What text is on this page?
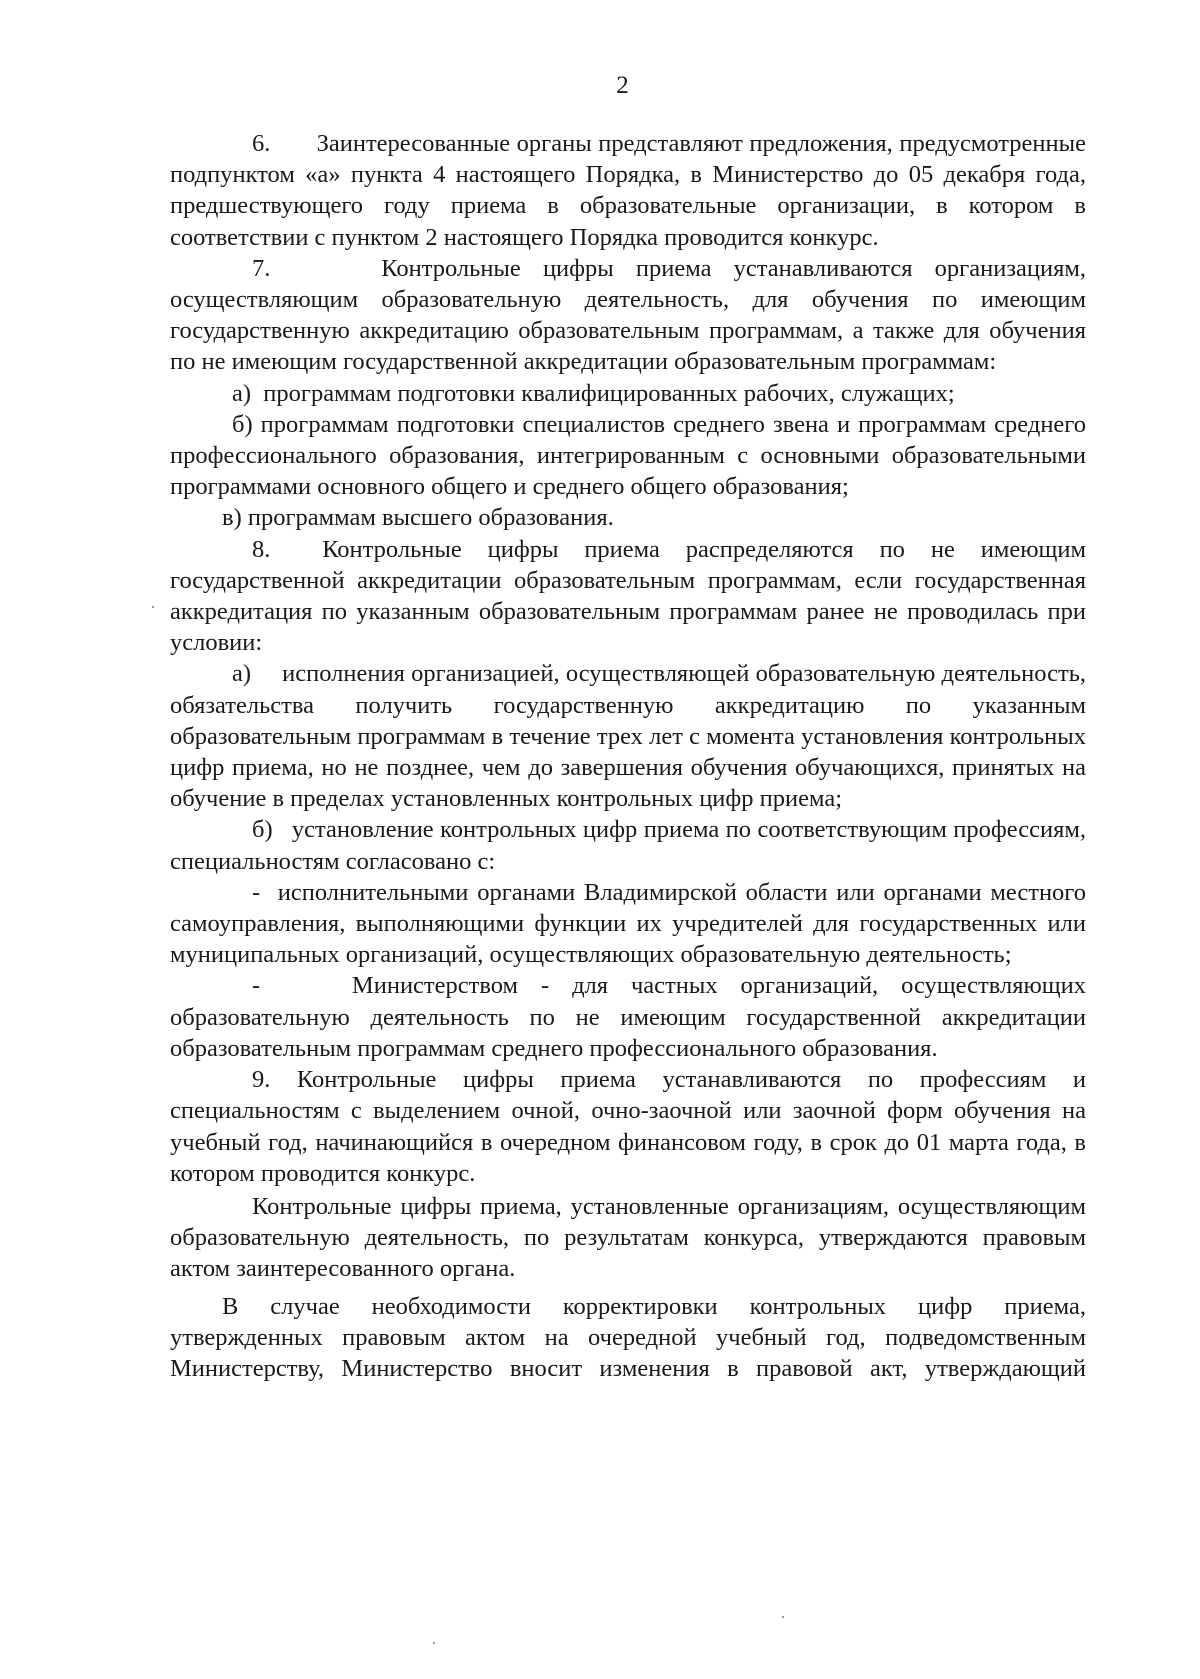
2

6.       Заинтересованные органы представляют предложения, предусмотренные подпунктом «а» пункта 4 настоящего Порядка, в Министерство до 05 декабря года, предшествующего году приема в образовательные организации, в котором в соответствии с пунктом 2 настоящего Порядка проводится конкурс.

7.     Контрольные цифры приема устанавливаются организациям, осуществляющим образовательную деятельность, для обучения по имеющим государственную аккредитацию образовательным программам, а также для обучения по не имеющим государственной аккредитации образовательным программам:

а)  программам подготовки квалифицированных рабочих, служащих;

б) программам подготовки специалистов среднего звена и программам среднего профессионального образования, интегрированным с основными образовательными программами основного общего и среднего общего образования;

в) программам высшего образования.

8.  Контрольные цифры приема распределяются по не имеющим государственной аккредитации образовательным программам, если государственная аккредитация по указанным образовательным программам ранее не проводилась при условии:

а)     исполнения организацией, осуществляющей образовательную деятельность, обязательства получить государственную аккредитацию по указанным образовательным программам в течение трех лет с момента установления контрольных цифр приема, но не позднее, чем до завершения обучения обучающихся, принятых на обучение в пределах установленных контрольных цифр приема;

б)   установление контрольных цифр приема по соответствующим профессиям, специальностям согласовано с:

-  исполнительными органами Владимирской области или органами местного самоуправления, выполняющими функции их учредителей для государственных или муниципальных организаций, осуществляющих образовательную деятельность;

-    Министерством - для частных организаций, осуществляющих образовательную деятельность по не имеющим государственной аккредитации образовательным программам среднего профессионального образования.

9. Контрольные цифры приема устанавливаются по профессиям и специальностям с выделением очной, очно-заочной или заочной форм обучения на учебный год, начинающийся в очередном финансовом году, в срок до 01 марта года, в котором проводится конкурс.

Контрольные цифры приема, установленные организациям, осуществляющим образовательную деятельность, по результатам конкурса, утверждаются правовым актом заинтересованного органа.

В случае необходимости корректировки контрольных цифр приема, утвержденных правовым актом на очередной учебный год, подведомственным Министерству, Министерство вносит изменения в правовой акт, утверждающий
